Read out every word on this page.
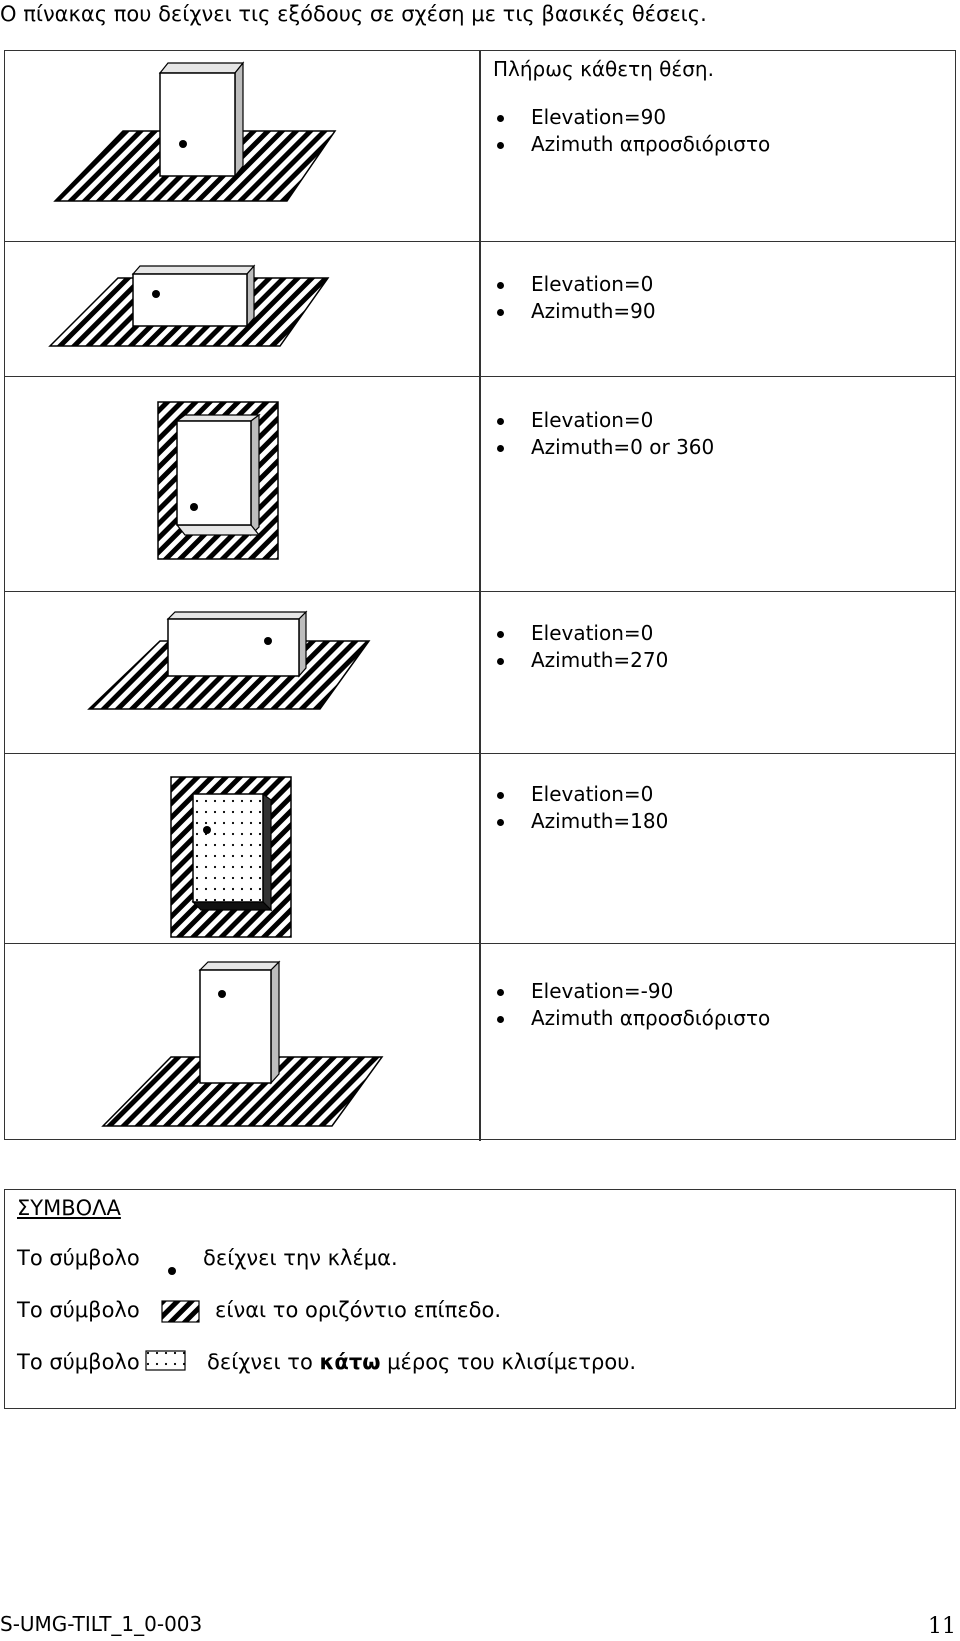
Ο πίνακας που δείχνει τις εξόδους σε σχέση με τις βασικές θέσεις.
Πλήρως κάθετη θέση.
Elevation=90
Azimuth απροσδιόριστο
Elevation=0
Azimuth=90
Elevation=0
Azimuth=0 or 360
Elevation=0
Azimuth=270
Elevation=0
Azimuth=180
Elevation=-90
Azimuth απροσδιόριστο
ΣΥΜΒΟΛΑ
Το σύμβολο	δείχνει την κλέμα.
Το σύμβολο	είναι το οριζόντιο επίπεδο.
Το σύμβολο	δείχνει το κάτω μέρος του κλισίμετρου.
S-UMG-TILT_1_0-003	11
